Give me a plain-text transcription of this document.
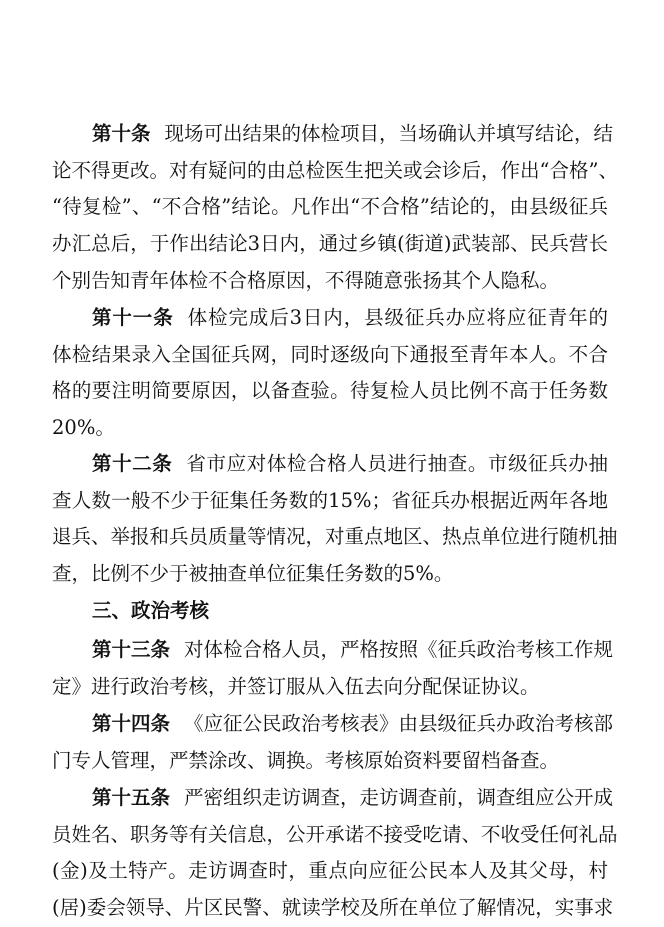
第十条 现场可出结果的体检项目，当场确认并填写结论，结
论不得更改。对有疑问的由总检医生把关或会诊后，作出“合格”、
“待复检”、“不合格”结论。凡作出“不合格”结论的，由县级征兵
办汇总后，于作出结论3日内，通过乡镇(街道)武装部、民兵营长
个别告知青年体检不合格原因，不得随意张扬其个人隐私。
第十一条 体检完成后3日内，县级征兵办应将应征青年的
体检结果录入全国征兵网，同时逐级向下通报至青年本人。不合
格的要注明简要原因，以备查验。待复检人员比例不高于任务数
20%。
第十二条 省市应对体检合格人员进行抽查。市级征兵办抽
查人数一般不少于征集任务数的15%；省征兵办根据近两年各地
退兵、举报和兵员质量等情况，对重点地区、热点单位进行随机抽
查，比例不少于被抽查单位征集任务数的5%。
三、政治考核
第十三条 对体检合格人员，严格按照《征兵政治考核工作规
定》进行政治考核，并签订服从入伍去向分配保证协议。
第十四条 《应征公民政治考核表》由县级征兵办政治考核部
门专人管理，严禁涂改、调换。考核原始资料要留档备查。
第十五条 严密组织走访调查，走访调查前，调查组应公开成
员姓名、职务等有关信息，公开承诺不接受吃请、不收受任何礼品
(金)及土特产。走访调查时，重点向应征公民本人及其父母，村
(居)委会领导、片区民警、就读学校及所在单位了解情况，实事求
